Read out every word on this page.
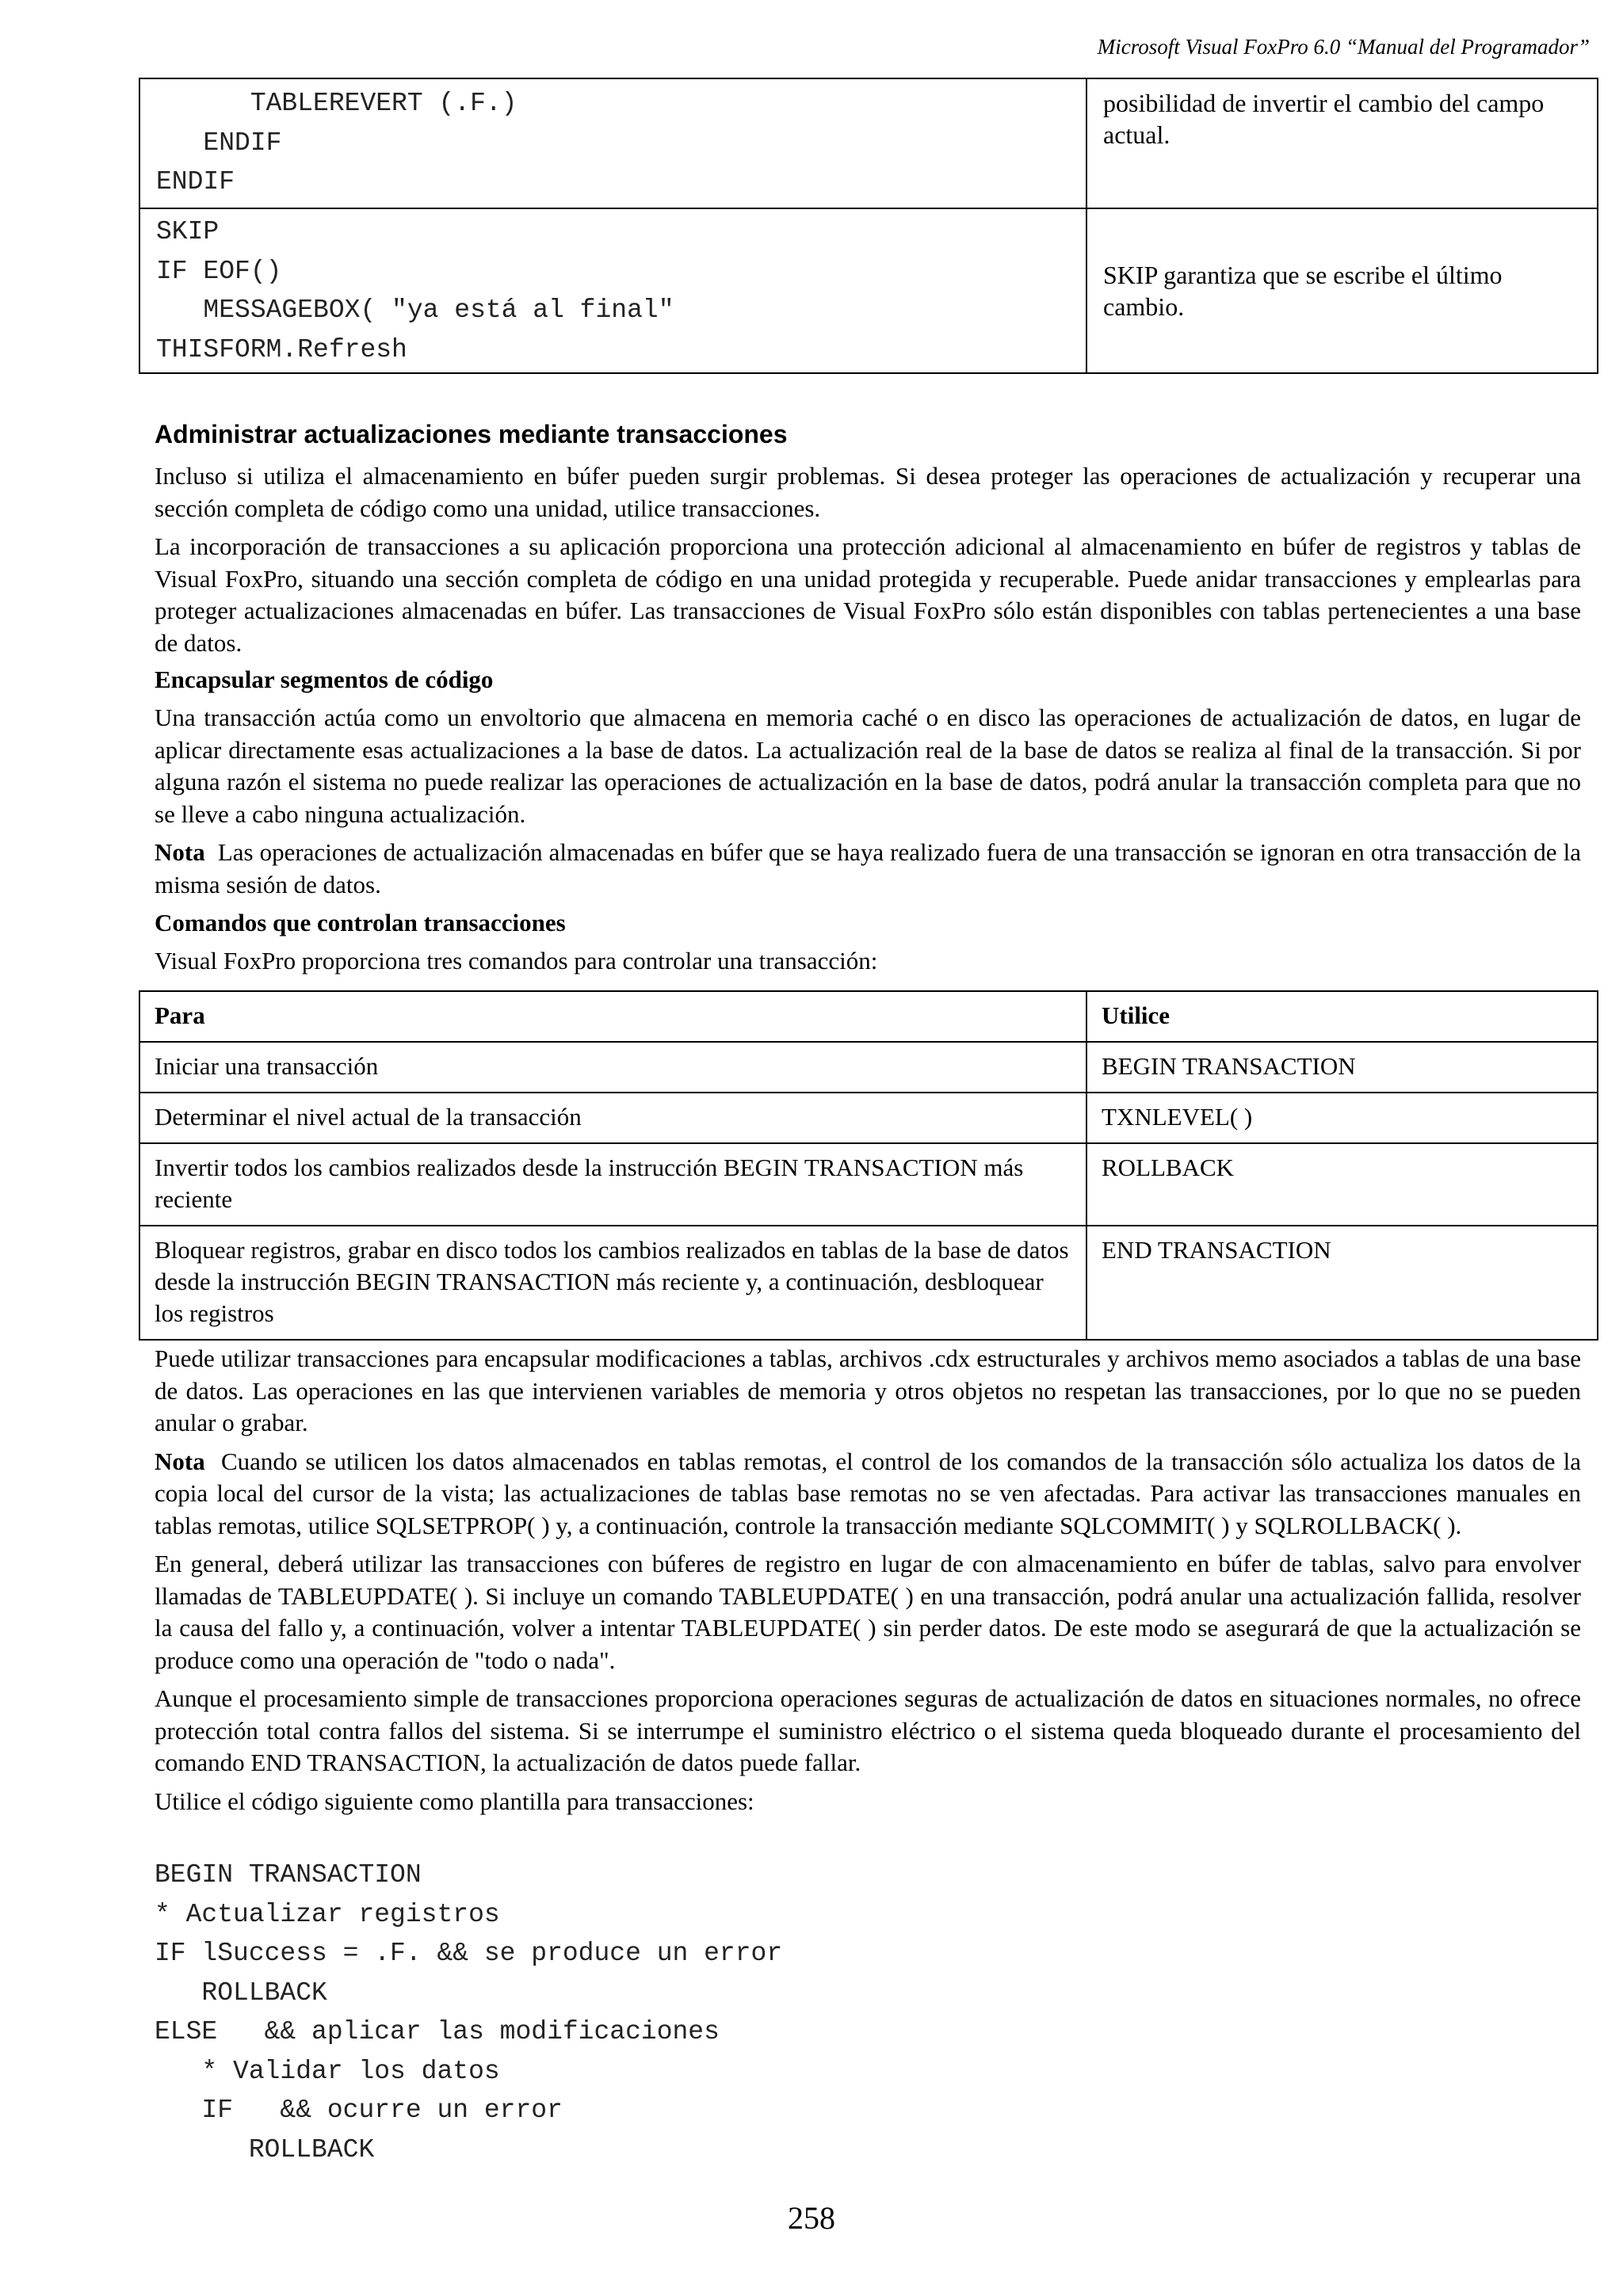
Microsoft Visual FoxPro 6.0 “Manual del Programador”
TABLEREVERT (.F.)
ENDIF
ENDIF	posibilidad de invertir el cambio del campo actual.

SKIP
IF EOF()
MESSAGEBOX( "ya está al final"
THISFORM.Refresh	SKIP garantiza que se escribe el último cambio.
Administrar actualizaciones mediante transacciones
Incluso si utiliza el almacenamiento en búfer pueden surgir problemas. Si desea proteger las operaciones de actualización y recuperar una sección completa de código como una unidad, utilice transacciones.
La incorporación de transacciones a su aplicación proporciona una protección adicional al almacenamiento en búfer de registros y tablas de Visual FoxPro, situando una sección completa de código en una unidad protegida y recuperable. Puede anidar transacciones y emplearlas para proteger actualizaciones almacenadas en búfer. Las transacciones de Visual FoxPro sólo están disponibles con tablas pertenecientes a una base de datos.
Encapsular segmentos de código
Una transacción actúa como un envoltorio que almacena en memoria caché o en disco las operaciones de actualización de datos, en lugar de aplicar directamente esas actualizaciones a la base de datos. La actualización real de la base de datos se realiza al final de la transacción. Si por alguna razón el sistema no puede realizar las operaciones de actualización en la base de datos, podrá anular la transacción completa para que no se lleve a cabo ninguna actualización.
Nota Las operaciones de actualización almacenadas en búfer que se haya realizado fuera de una transacción se ignoran en otra transacción de la misma sesión de datos.
Comandos que controlan transacciones
Visual FoxPro proporciona tres comandos para controlar una transacción:
Para	Utilice
Iniciar una transacción	BEGIN TRANSACTION
Determinar el nivel actual de la transacción	TXNLEVEL( )
Invertir todos los cambios realizados desde la instrucción BEGIN TRANSACTION más reciente	ROLLBACK
Bloquear registros, grabar en disco todos los cambios realizados en tablas de la base de datos desde la instrucción BEGIN TRANSACTION más reciente y, a continuación, desbloquear los registros	END TRANSACTION
Puede utilizar transacciones para encapsular modificaciones a tablas, archivos .cdx estructurales y archivos memo asociados a tablas de una base de datos. Las operaciones en las que intervienen variables de memoria y otros objetos no respetan las transacciones, por lo que no se pueden anular o grabar.
Nota Cuando se utilicen los datos almacenados en tablas remotas, el control de los comandos de la transacción sólo actualiza los datos de la copia local del cursor de la vista; las actualizaciones de tablas base remotas no se ven afectadas. Para activar las transacciones manuales en tablas remotas, utilice SQLSETPROP( ) y, a continuación, controle la transacción mediante SQLCOMMIT( ) y SQLROLLBACK( ).
En general, deberá utilizar las transacciones con búferes de registro en lugar de con almacenamiento en búfer de tablas, salvo para envolver llamadas de TABLEUPDATE( ). Si incluye un comando TABLEUPDATE( ) en una transacción, podrá anular una actualización fallida, resolver la causa del fallo y, a continuación, volver a intentar TABLEUPDATE( ) sin perder datos. De este modo se asegurará de que la actualización se produce como una operación de "todo o nada".
Aunque el procesamiento simple de transacciones proporciona operaciones seguras de actualización de datos en situaciones normales, no ofrece protección total contra fallos del sistema. Si se interrumpe el suministro eléctrico o el sistema queda bloqueado durante el procesamiento del comando END TRANSACTION, la actualización de datos puede fallar.
Utilice el código siguiente como plantilla para transacciones:
BEGIN TRANSACTION
* Actualizar registros
IF lSuccess = .F. && se produce un error
ROLLBACK
ELSE   && aplicar las modificaciones
* Validar los datos
IF   && ocurre un error
ROLLBACK
258
